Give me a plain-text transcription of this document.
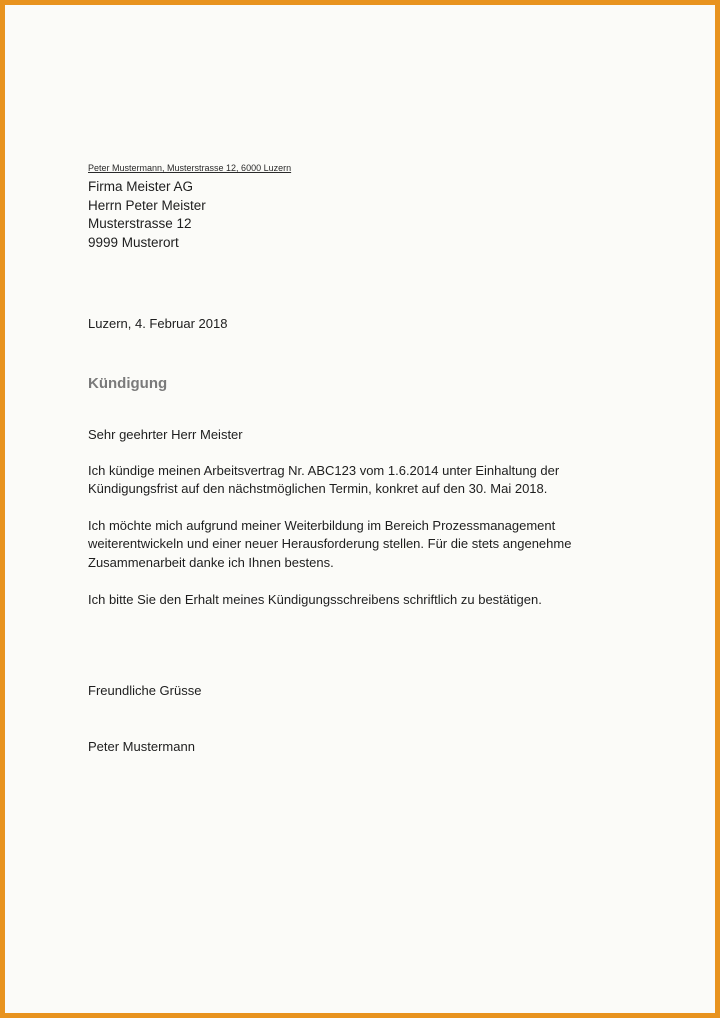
Peter Mustermann, Musterstrasse 12, 6000 Luzern
Firma Meister AG
Herrn Peter Meister
Musterstrasse 12
9999 Musterort
Luzern, 4. Februar 2018
Kündigung
Sehr geehrter Herr Meister
Ich kündige meinen Arbeitsvertrag Nr. ABC123 vom 1.6.2014 unter Einhaltung der
Kündigungsfrist auf den nächstmöglichen Termin, konkret auf den 30. Mai 2018.
Ich möchte mich aufgrund meiner Weiterbildung im Bereich Prozessmanagement
weiterentwickeln und einer neuer Herausforderung stellen. Für die stets angenehme
Zusammenarbeit danke ich Ihnen bestens.
Ich bitte Sie den Erhalt meines Kündigungsschreibens schriftlich zu bestätigen.
Freundliche Grüsse
Peter Mustermann
